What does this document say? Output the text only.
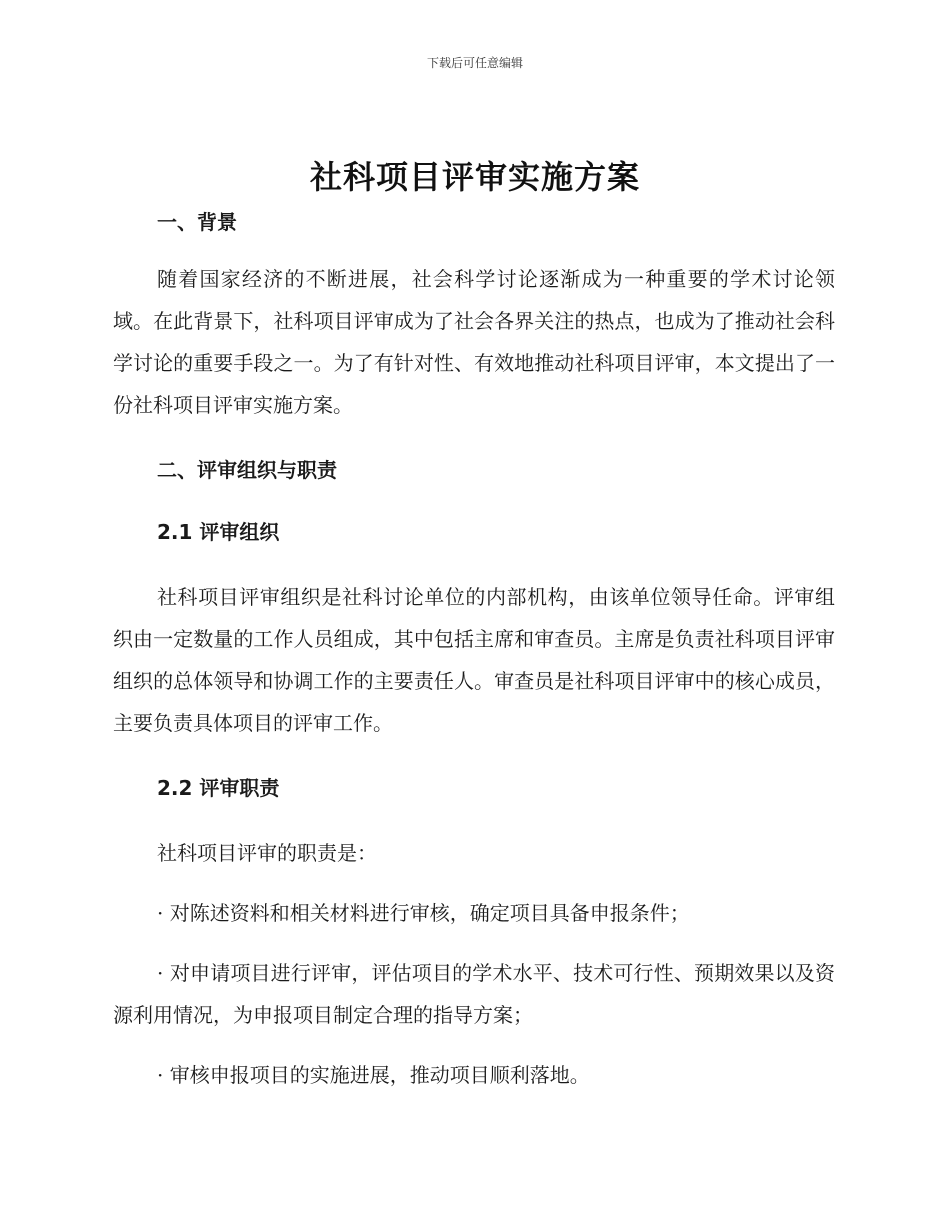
下载后可任意编辑
社科项目评审实施方案
一、背景

随着国家经济的不断进展，社会科学讨论逐渐成为一种重要的学术讨论领域。在此背景下，社科项目评审成为了社会各界关注的热点，也成为了推动社会科学讨论的重要手段之一。为了有针对性、有效地推动社科项目评审，本文提出了一份社科项目评审实施方案。

二、评审组织与职责
2.1 评审组织

社科项目评审组织是社科讨论单位的内部机构，由该单位领导任命。评审组织由一定数量的工作人员组成，其中包括主席和审查员。主席是负责社科项目评审组织的总体领导和协调工作的主要责任人。审查员是社科项目评审中的核心成员，主要负责具体项目的评审工作。

2.2 评审职责

社科项目评审的职责是：

· 对陈述资料和相关材料进行审核，确定项目具备申报条件；

· 对申请项目进行评审，评估项目的学术水平、技术可行性、预期效果以及资源利用情况，为申报项目制定合理的指导方案；

· 审核申报项目的实施进展，推动项目顺利落地。
